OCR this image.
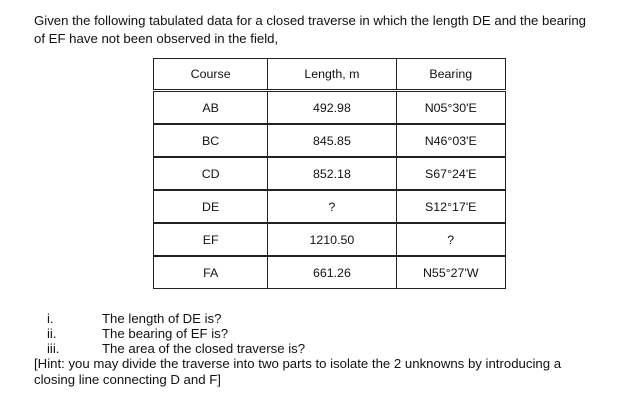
Given the following tabulated data for a closed traverse in which the length DE and the bearing
of EF have not been observed in the field,
Course	Length, m	Bearing
AB	492.98	N05°30'E
BC	845.85	N46°03'E
CD	852.18	S67°24'E
DE	?	S12°17'E
EF	1210.50	?
FA	661.26	N55°27'W
i.	The length of DE is?
ii.	The bearing of EF is?
iii.	The area of the closed traverse is?
[Hint: you may divide the traverse into two parts to isolate the 2 unknowns by introducing a
closing line connecting D and F]
